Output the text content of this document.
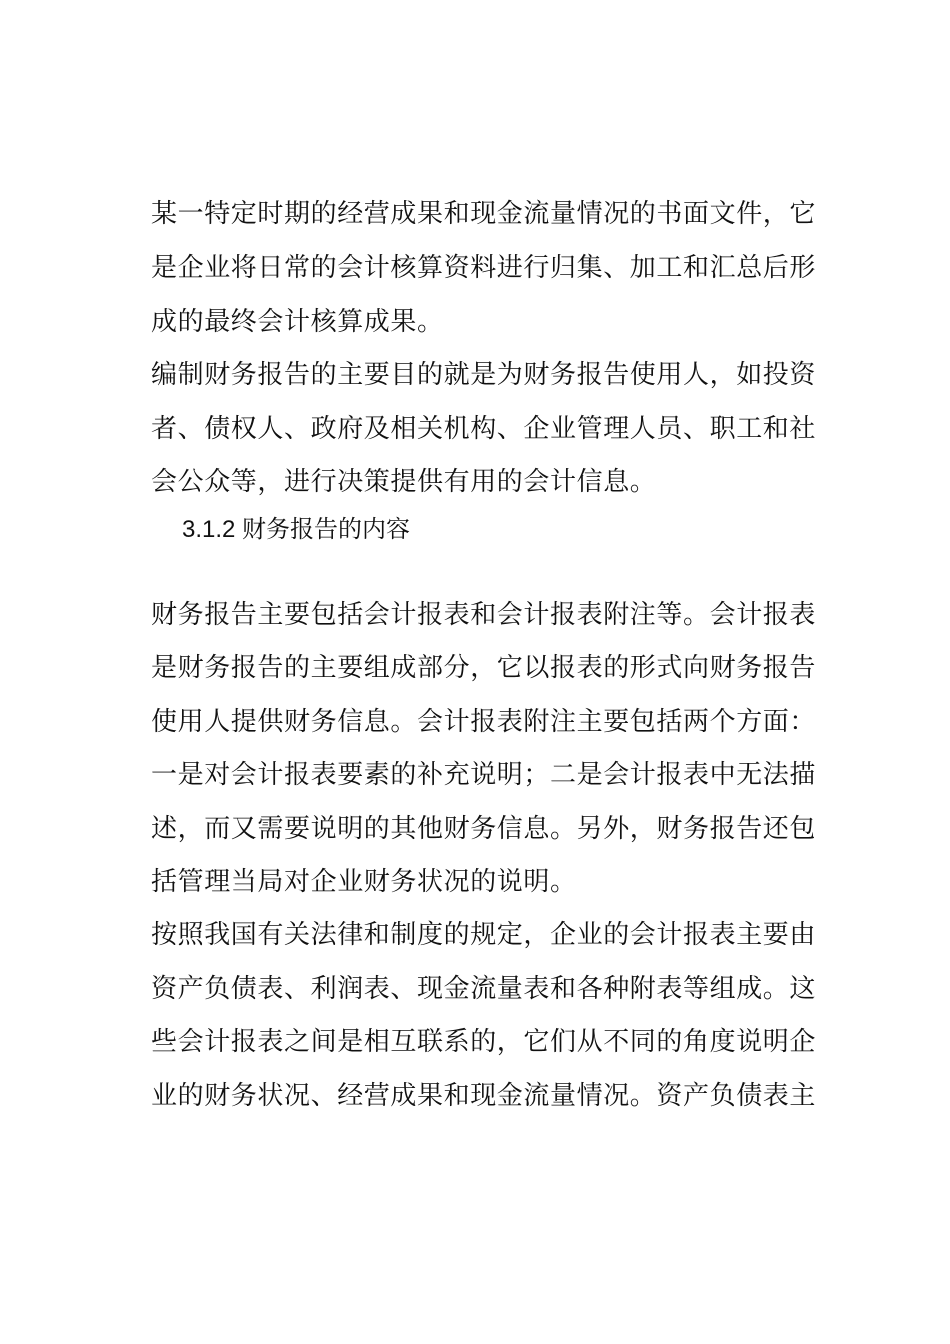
某一特定时期的经营成果和现金流量情况的书面文件，它
是企业将日常的会计核算资料进行归集、加工和汇总后形
成的最终会计核算成果。
编制财务报告的主要目的就是为财务报告使用人，如投资
者、债权人、政府及相关机构、企业管理人员、职工和社
会公众等，进行决策提供有用的会计信息。
3.1.2 财务报告的内容
财务报告主要包括会计报表和会计报表附注等。会计报表
是财务报告的主要组成部分，它以报表的形式向财务报告
使用人提供财务信息。会计报表附注主要包括两个方面：
一是对会计报表要素的补充说明；二是会计报表中无法描
述，而又需要说明的其他财务信息。另外，财务报告还包
括管理当局对企业财务状况的说明。
按照我国有关法律和制度的规定，企业的会计报表主要由
资产负债表、利润表、现金流量表和各种附表等组成。这
些会计报表之间是相互联系的，它们从不同的角度说明企
业的财务状况、经营成果和现金流量情况。资产负债表主
